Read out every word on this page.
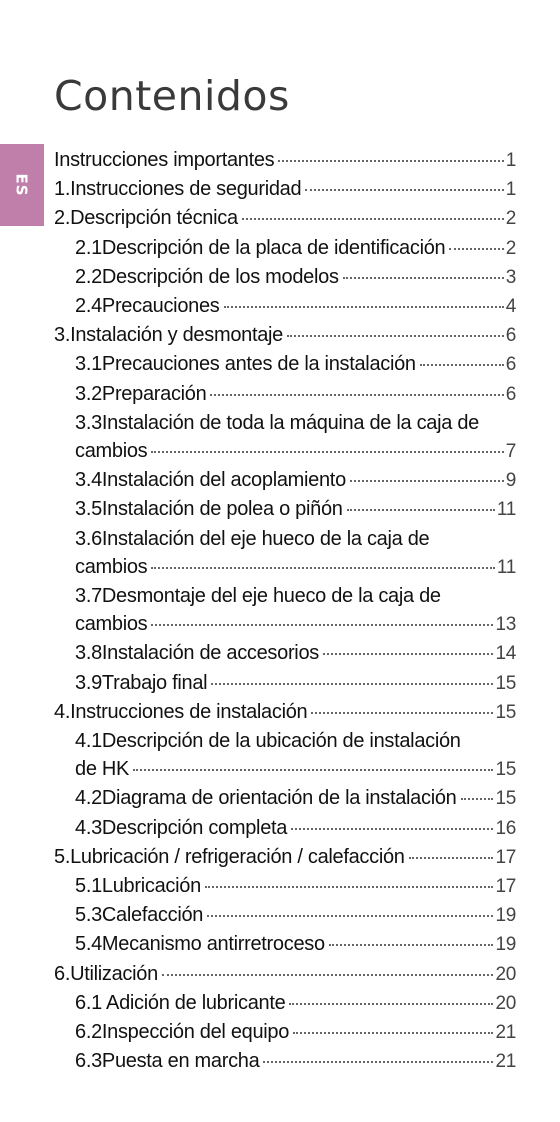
ES
Contenidos
Instrucciones importantes	1
1.Instrucciones de seguridad	1
2.Descripción técnica	2
2.1Descripción de la placa de identificación	2
2.2Descripción de los modelos	3
2.4Precauciones	4
3.Instalación y desmontaje	6
3.1Precauciones antes de la instalación	6
3.2Preparación	6
3.3Instalación de toda la máquina de la caja de
cambios	7
3.4Instalación del acoplamiento	9
3.5Instalación de polea o piñón	11
3.6Instalación del eje hueco de la caja de
cambios	11
3.7Desmontaje del eje hueco de la caja de
cambios	13
3.8Instalación de accesorios	14
3.9Trabajo final	15
4.Instrucciones de instalación	15
4.1Descripción de la ubicación de instalación
de HK	15
4.2Diagrama de orientación de la instalación 15
4.3Descripción completa	16
5.Lubricación / refrigeración / calefacción	17
5.1Lubricación	17
5.3Calefacción	19
5.4Mecanismo antirretroceso	19
6.Utilización	20
6.1 Adición de lubricante	20
6.2Inspección del equipo	21
6.3Puesta en marcha	21
